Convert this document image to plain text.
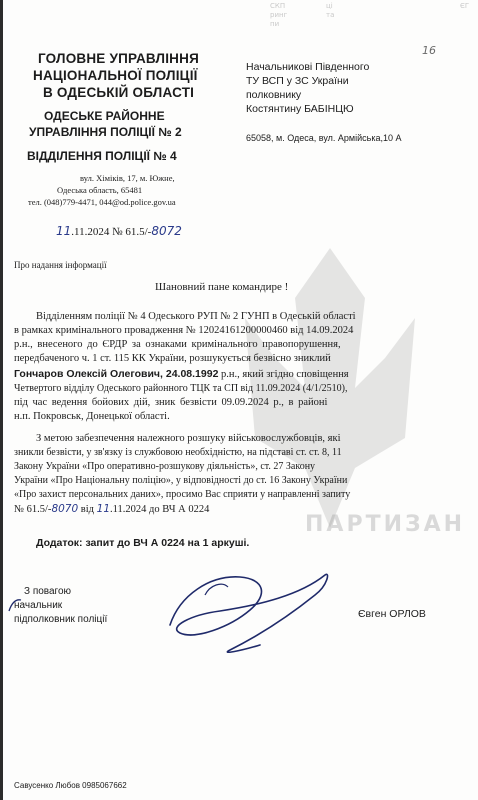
СКП
ринг
пи
ці
та
ЄГ
ГОЛОВНЕ УПРАВЛІННЯ
НАЦІОНАЛЬНОЇ ПОЛІЦІЇ
В ОДЕСЬКІЙ ОБЛАСТІ
ОДЕСЬКЕ РАЙОННЕ
УПРАВЛІННЯ ПОЛІЦІЇ № 2
ВІДДІЛЕННЯ ПОЛІЦІЇ № 4
вул. Хіміків, 17, м. Южне,
Одеська область, 65481
тел. (048)779-4471, 044@od.police.gov.ua
11.11.2024 № 61.5/-8072
Начальникові Південного
ТУ ВСП у ЗС України
полковнику
Костянтину БАБІНЦЮ
65058, м. Одеса, вул. Армійська,10 А
16
Про надання інформації
Шановний пане командире !
Відділенням поліції № 4 Одеського РУП № 2 ГУНП в Одеській області
в рамках кримінального провадження № 12024161200000460 від 14.09.2024
р.н., внесеного до ЄРДР за ознаками кримінального правопорушення,
передбаченого ч. 1 ст. 115 КК України, розшукується безвісно зниклий
Гончаров Олексій Олегович, 24.08.1992 р.н., який згідно сповіщення
Четвертого відділу Одеського районного ТЦК та СП від 11.09.2024 (4/1/2510),
під час ведення бойових дій, зник безвісти 09.09.2024 р., в районі
н.п. Покровськ, Донецької області.
З метою забезпечення належного розшуку військовослужбовців, які
зникли безвісти, у зв'язку із службовою необхідністю, на підставі ст. ст. 8, 11
Закону України «Про оперативно-розшукову діяльність», ст. 27 Закону
України «Про Національну поліцію», у відповідності до ст. 16 Закону України
«Про захист персональних даних», просимо Вас сприяти у направленні запиту
№ 61.5/-8070 від 11.11.2024 до ВЧ А 0224
ПАРТИЗАН
Додаток: запит до ВЧ А 0224 на 1 аркуші.
З повагою
начальник
підполковник поліції	Євген ОРЛОВ
Савусенко Любов 0985067662
